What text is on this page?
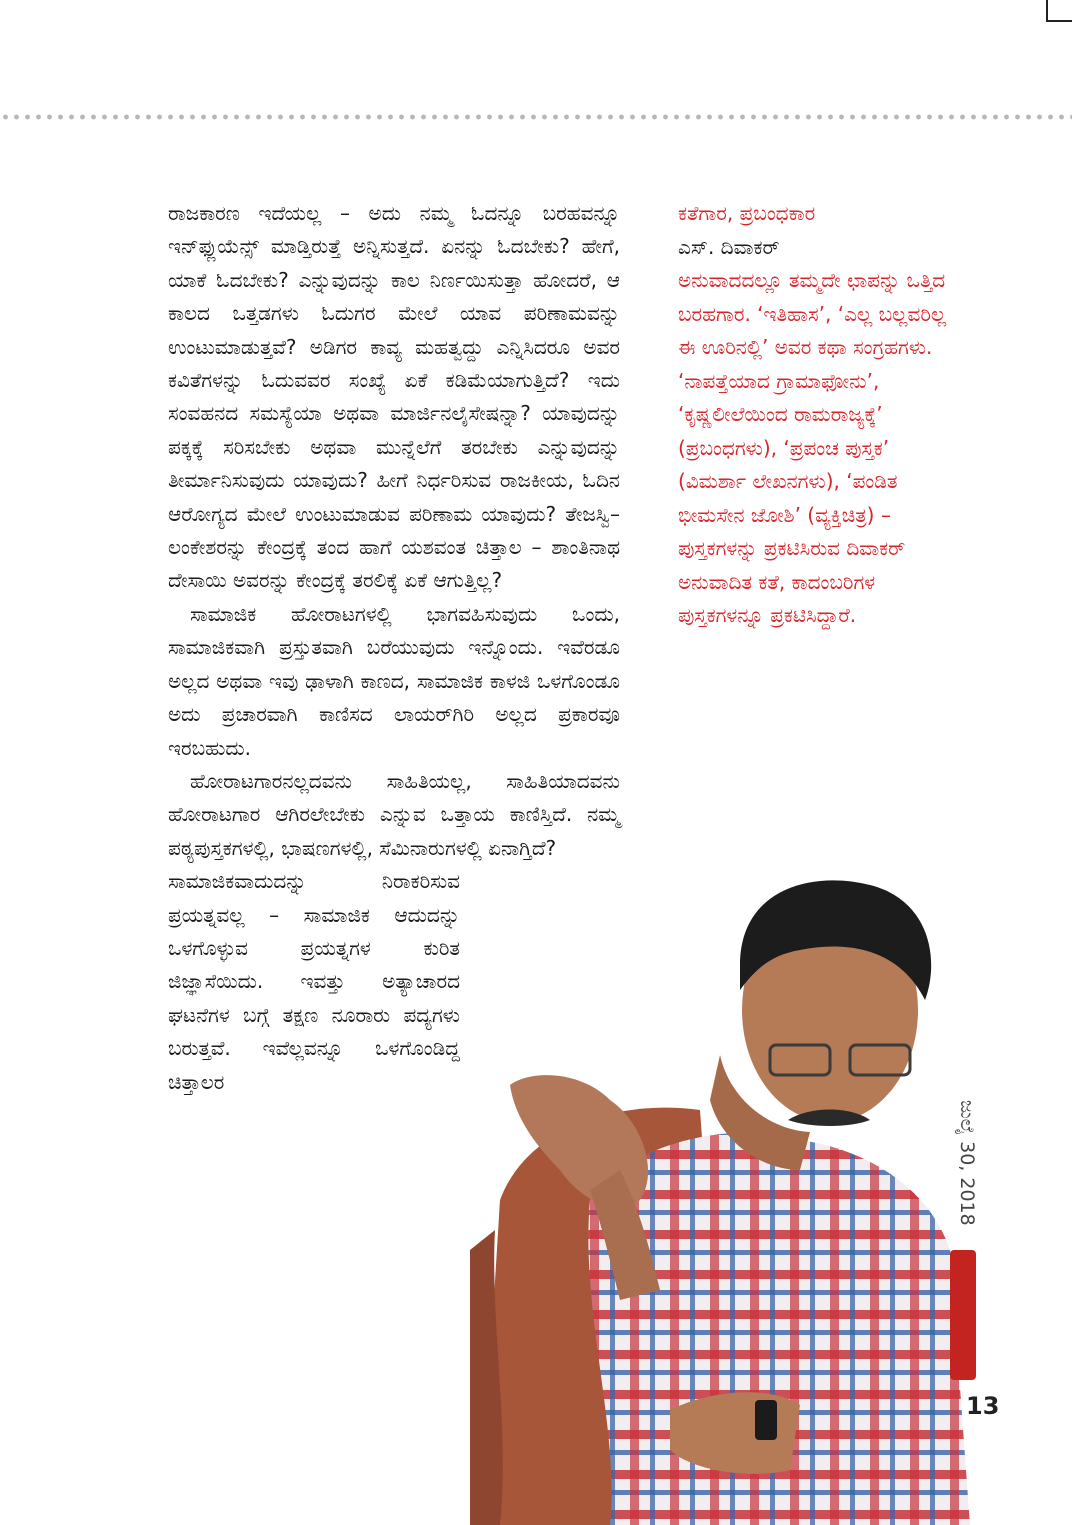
ರಾಜಕಾರಣ ಇದೆಯಲ್ಲ – ಅದು ನಮ್ಮ ಓದನ್ನೂ ಬರಹವನ್ನೂ ಇನ್‌ಫ್ಲುಯೆನ್ಸ್ ಮಾಡ್ತಿರುತ್ತೆ ಅನ್ನಿಸುತ್ತದೆ. ಏನನ್ನು ಓದಬೇಕು? ಹೇಗೆ, ಯಾಕೆ ಓದಬೇಕು? ಎನ್ನುವುದನ್ನು ಕಾಲ ನಿರ್ಣಯಿಸುತ್ತಾ ಹೋದರೆ, ಆ ಕಾಲದ ಒತ್ತಡಗಳು ಓದುಗರ ಮೇಲೆ ಯಾವ ಪರಿಣಾಮವನ್ನು ಉಂಟುಮಾಡುತ್ತವೆ? ಅಡಿಗರ ಕಾವ್ಯ ಮಹತ್ವದ್ದು ಎನ್ನಿಸಿದರೂ ಅವರ ಕವಿತೆಗಳನ್ನು ಓದುವವರ ಸಂಖ್ಯೆ ಏಕೆ ಕಡಿಮೆಯಾಗುತ್ತಿದೆ? ಇದು ಸಂವಹನದ ಸಮಸ್ಯೆಯಾ ಅಥವಾ ಮಾರ್ಜಿನಲೈಸೇಷನ್ನಾ? ಯಾವುದನ್ನು ಪಕ್ಕಕ್ಕೆ ಸರಿಸಬೇಕು ಅಥವಾ ಮುನ್ನೆಲೆಗೆ ತರಬೇಕು ಎನ್ನುವುದನ್ನು ತೀರ್ಮಾನಿಸುವುದು ಯಾವುದು? ಹೀಗೆ ನಿರ್ಧರಿಸುವ ರಾಜಕೀಯ, ಓದಿನ ಆರೋಗ್ಯದ ಮೇಲೆ ಉಂಟುಮಾಡುವ ಪರಿಣಾಮ ಯಾವುದು? ತೇಜಸ್ವಿ–ಲಂಕೇಶರನ್ನು ಕೇಂದ್ರಕ್ಕೆ ತಂದ ಹಾಗೆ ಯಶವಂತ ಚಿತ್ತಾಲ – ಶಾಂತಿನಾಥ ದೇಸಾಯಿ ಅವರನ್ನು ಕೇಂದ್ರಕ್ಕೆ ತರಲಿಕ್ಕೆ ಏಕೆ ಆಗುತ್ತಿಲ್ಲ?

ಸಾಮಾಜಿಕ ಹೋರಾಟಗಳಲ್ಲಿ ಭಾಗವಹಿಸುವುದು ಒಂದು, ಸಾಮಾಜಿಕವಾಗಿ ಪ್ರಸ್ತುತವಾಗಿ ಬರೆಯುವುದು ಇನ್ನೊಂದು. ಇವೆರಡೂ ಅಲ್ಲದ ಅಥವಾ ಇವು ಢಾಳಾಗಿ ಕಾಣದ, ಸಾಮಾಜಿಕ ಕಾಳಜಿ ಒಳಗೊಂಡೂ ಅದು ಪ್ರಚಾರವಾಗಿ ಕಾಣಿಸದ ಲಾಯರ್‌ಗಿರಿ ಅಲ್ಲದ ಪ್ರಕಾರವೂ ಇರಬಹುದು.

ಹೋರಾಟಗಾರನಲ್ಲದವನು ಸಾಹಿತಿಯಲ್ಲ, ಸಾಹಿತಿಯಾದವನು ಹೋರಾಟಗಾರ ಆಗಿರಲೇಬೇಕು ಎನ್ನುವ ಒತ್ತಾಯ ಕಾಣಿಸ್ತಿದೆ. ನಮ್ಮ ಪಠ್ಯಪುಸ್ತಕಗಳಲ್ಲಿ, ಭಾಷಣಗಳಲ್ಲಿ, ಸೆಮಿನಾರುಗಳಲ್ಲಿ ಏನಾಗ್ತಿದೆ?

ಸಾಮಾಜಿಕವಾದುದನ್ನು ನಿರಾಕರಿಸುವ ಪ್ರಯತ್ನವಲ್ಲ – ಸಾಮಾಜಿಕ ಆದುದನ್ನು ಒಳಗೊಳ್ಳುವ ಪ್ರಯತ್ನಗಳ ಕುರಿತ ಜಿಜ್ಞಾಸೆಯಿದು. ಇವತ್ತು ಅತ್ಯಾಚಾರದ ಘಟನೆಗಳ ಬಗ್ಗೆ ತಕ್ಷಣ ನೂರಾರು ಪದ್ಯಗಳು ಬರುತ್ತವೆ. ಇವೆಲ್ಲವನ್ನೂ ಒಳಗೊಂಡಿದ್ದ ಚಿತ್ತಾಲರ

ಕತೆಗಾರ, ಪ್ರಬಂಧಕಾರ
ಎಸ್. ದಿವಾಕರ್
ಅನುವಾದದಲ್ಲೂ ತಮ್ಮದೇ ಛಾಪನ್ನು ಒತ್ತಿದ ಬರಹಗಾರ. ‘ಇತಿಹಾಸ’, ‘ಎಲ್ಲ ಬಲ್ಲವರಿಲ್ಲ ಈ ಊರಿನಲ್ಲಿ’ ಅವರ ಕಥಾ ಸಂಗ್ರಹಗಳು. ‘ನಾಪತ್ತೆಯಾದ ಗ್ರಾಮಾಫೋನು’, ‘ಕೃಷ್ಣಲೀಲೆಯಿಂದ ರಾಮರಾಜ್ಯಕ್ಕೆ’ (ಪ್ರಬಂಧಗಳು), ‘ಪ್ರಪಂಚ ಪುಸ್ತಕ’ (ವಿಮರ್ಶಾ ಲೇಖನಗಳು), ‘ಪಂಡಿತ ಭೀಮಸೇನ ಜೋಶಿ’ (ವ್ಯಕ್ತಿಚಿತ್ರ) – ಪುಸ್ತಕಗಳನ್ನು ಪ್ರಕಟಿಸಿರುವ ದಿವಾಕರ್ ಅನುವಾದಿತ ಕತೆ, ಕಾದಂಬರಿಗಳ ಪುಸ್ತಕಗಳನ್ನೂ ಪ್ರಕಟಿಸಿದ್ದಾರೆ.
ಜುಲೈ 30, 2018
13
